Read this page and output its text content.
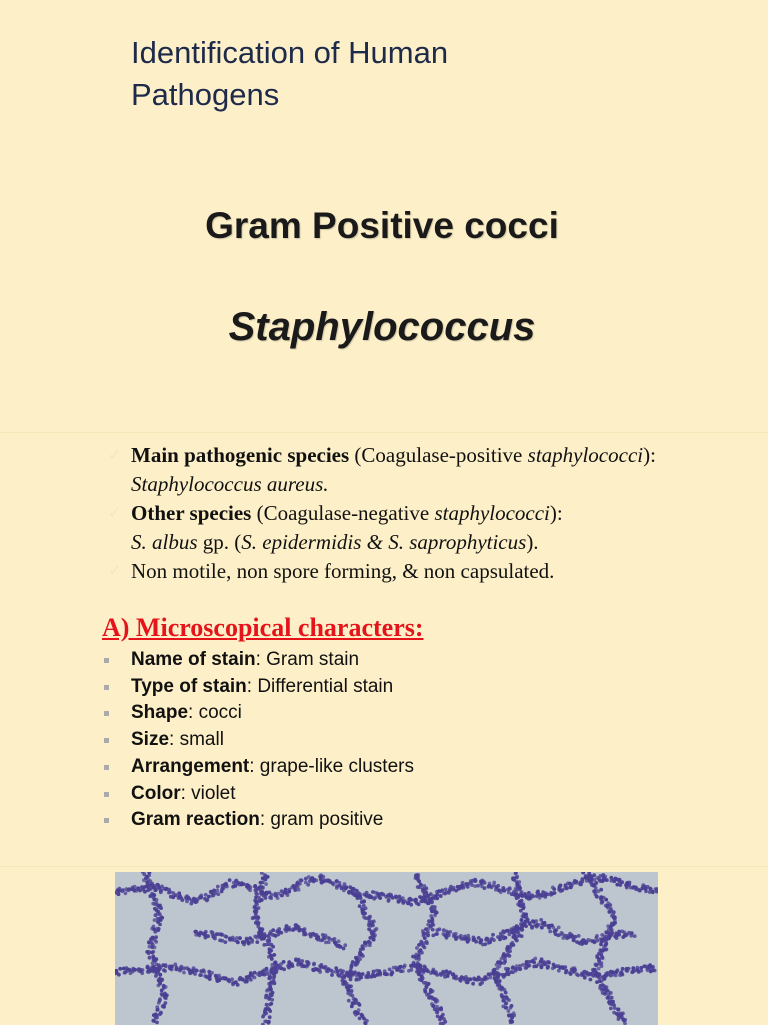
Identification of Human
Pathogens
Gram Positive cocci
Staphylococcus
✓ Main pathogenic species (Coagulase-positive staphylococci): Staphylococcus aureus.
✓ Other species (Coagulase-negative staphylococci):
S. albus gp. (S. epidermidis & S. saprophyticus).
✓ Non motile, non spore forming, & non capsulated.
A) Microscopical characters:
Name of stain: Gram stain
Type of stain: Differential stain
Shape: cocci
Size: small
Arrangement: grape-like clusters
Color: violet
Gram reaction: gram positive
